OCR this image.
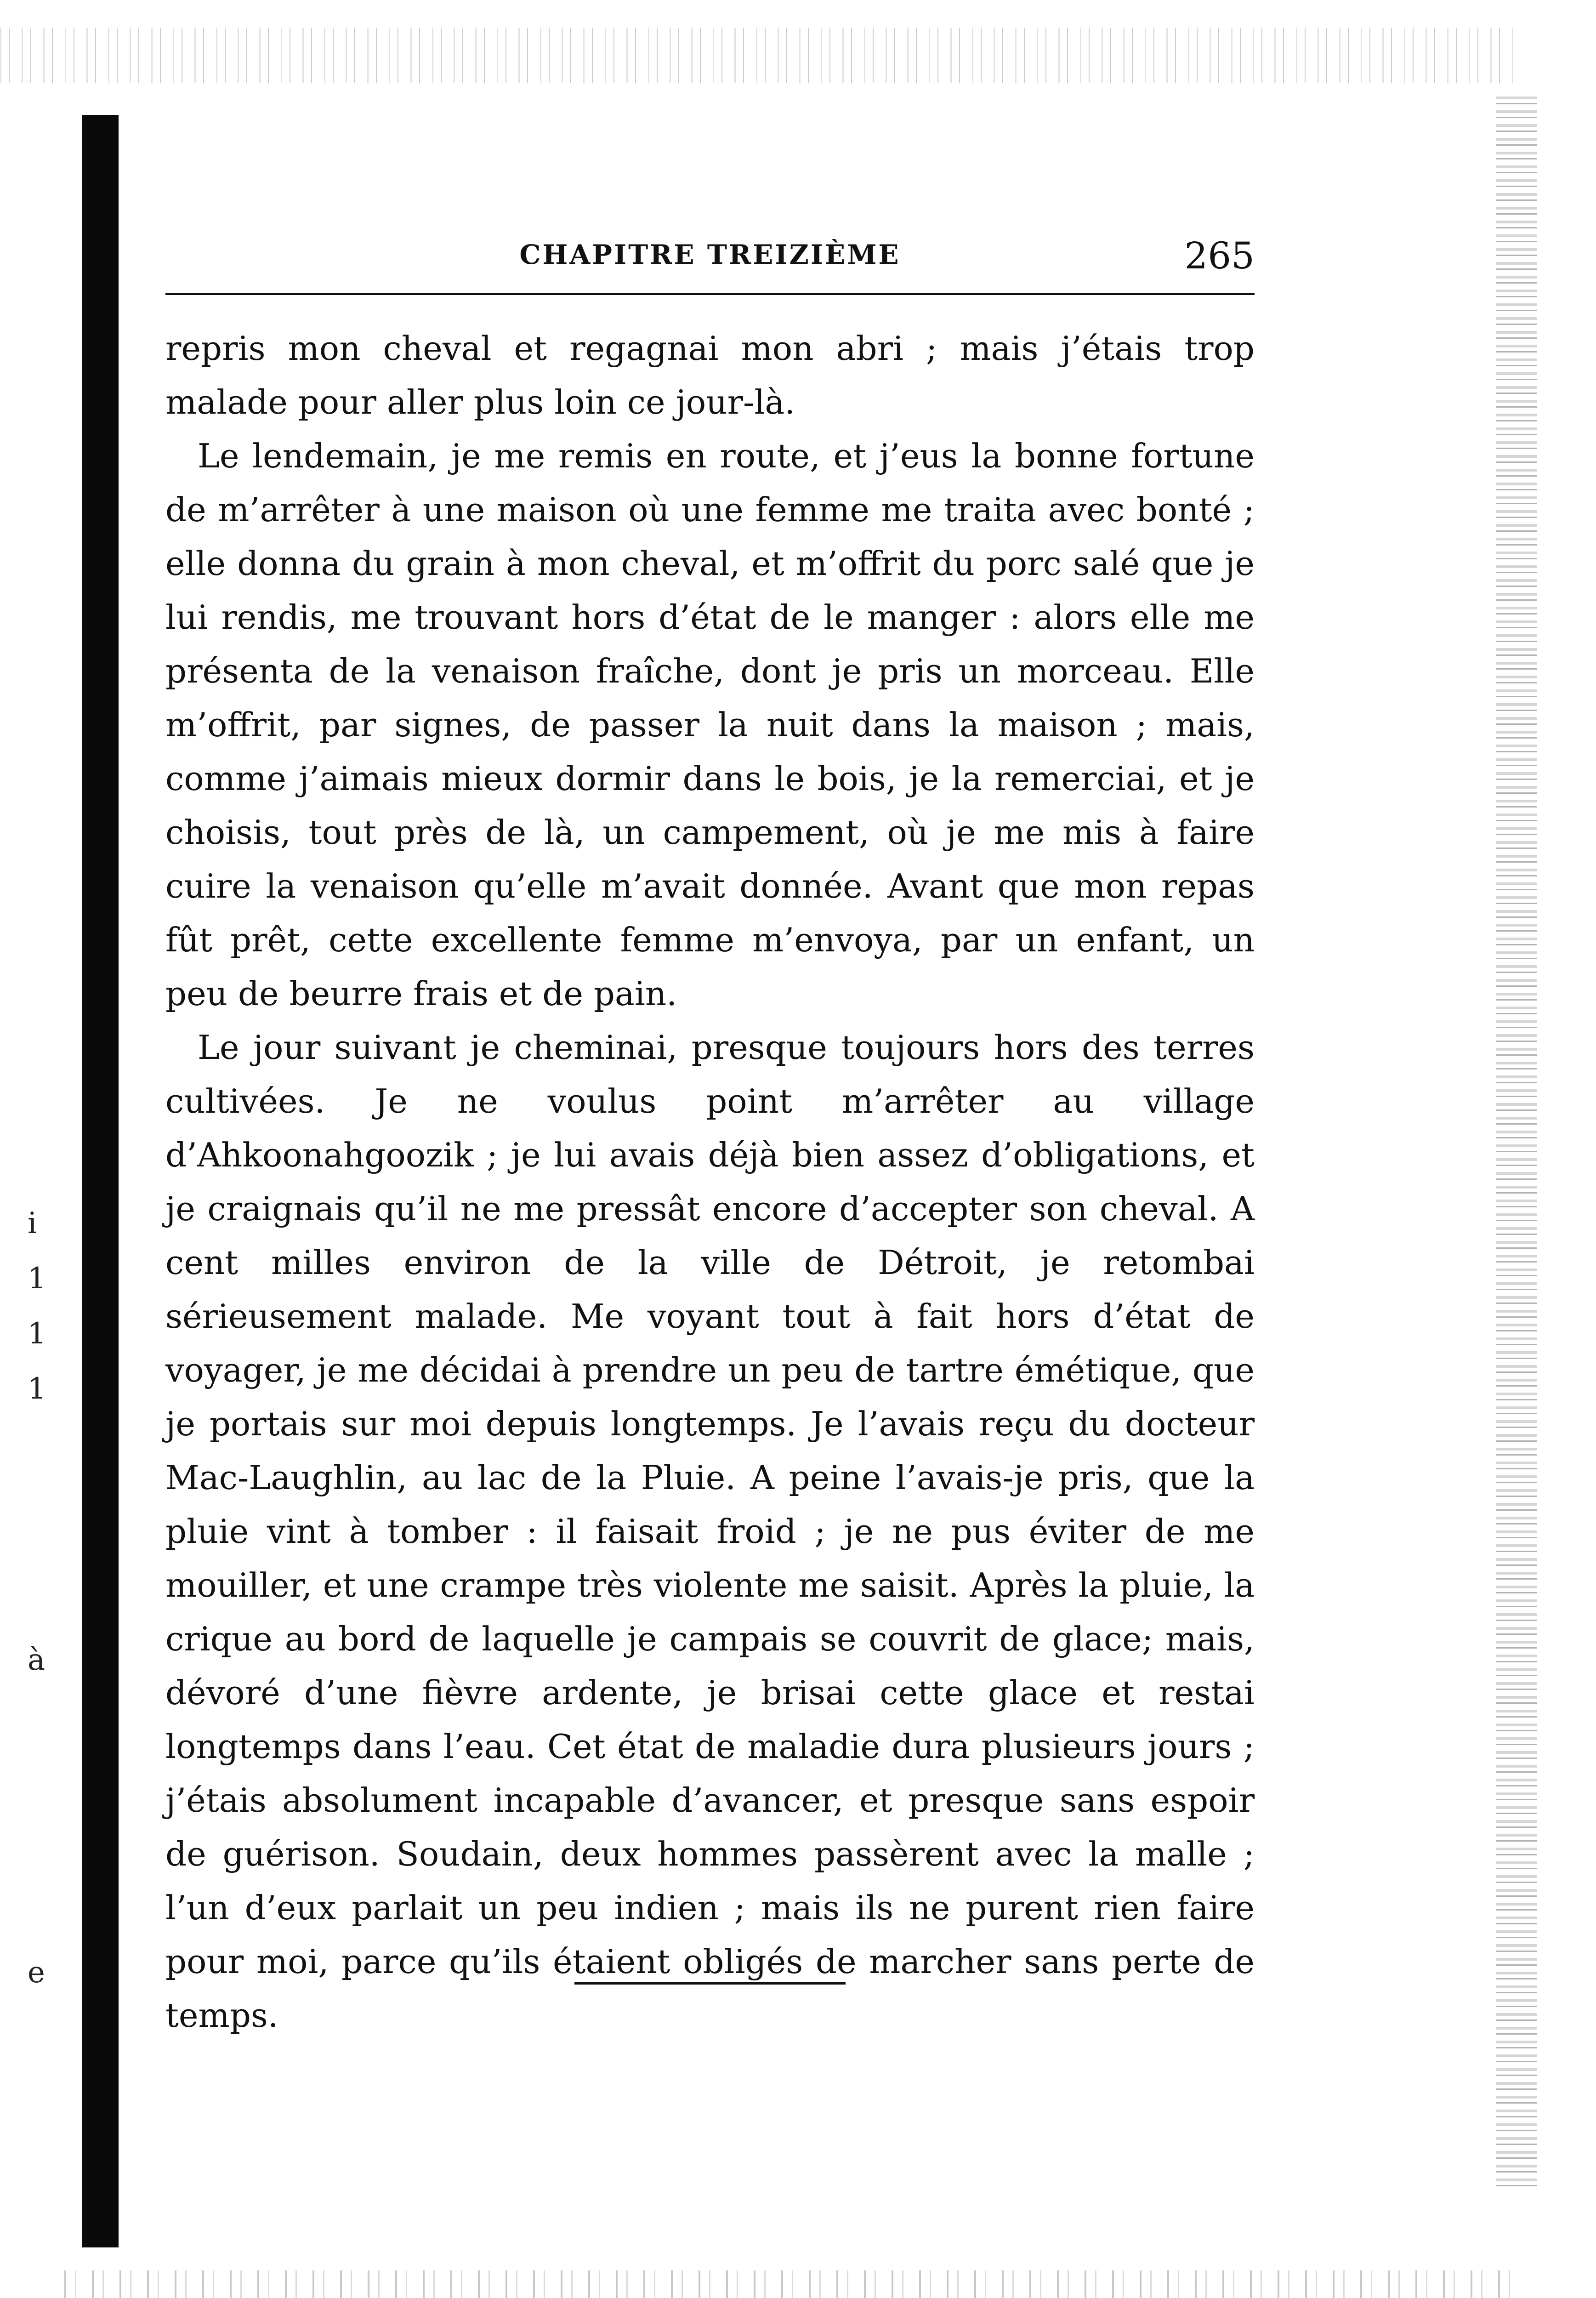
i
1
1
1
à
e
CHAPITRE TREIZIÈME	265

repris mon cheval et regagnai mon abri ; mais j’étais trop malade pour aller plus loin ce jour-là.

Le lendemain, je me remis en route, et j’eus la bonne fortune de m’arrêter à une maison où une femme me traita avec bonté ; elle donna du grain à mon cheval, et m’offrit du porc salé que je lui rendis, me trouvant hors d’état de le manger : alors elle me présenta de la venaison fraîche, dont je pris un morceau. Elle m’offrit, par signes, de passer la nuit dans la maison ; mais, comme j’aimais mieux dormir dans le bois, je la remerciai, et je choisis, tout près de là, un campement, où je me mis à faire cuire la venaison qu’elle m’avait donnée. Avant que mon repas fût prêt, cette excellente femme m’envoya, par un enfant, un peu de beurre frais et de pain.

Le jour suivant je cheminai, presque toujours hors des terres cultivées. Je ne voulus point m’arrêter au village d’Ahkoonahgoozik ; je lui avais déjà bien assez d’obligations, et je craignais qu’il ne me pressât encore d’accepter son cheval. A cent milles environ de la ville de Détroit, je retombai sérieusement malade. Me voyant tout à fait hors d’état de voyager, je me décidai à prendre un peu de tartre émétique, que je portais sur moi depuis longtemps. Je l’avais reçu du docteur Mac-Laughlin, au lac de la Pluie. A peine l’avais-je pris, que la pluie vint à tomber : il faisait froid ; je ne pus éviter de me mouiller, et une crampe très violente me saisit. Après la pluie, la crique au bord de laquelle je campais se couvrit de glace; mais, dévoré d’une fièvre ardente, je brisai cette glace et restai longtemps dans l’eau. Cet état de maladie dura plusieurs jours ; j’étais absolument incapable d’avancer, et presque sans espoir de guérison. Soudain, deux hommes passèrent avec la malle ; l’un d’eux parlait un peu indien ; mais ils ne purent rien faire pour moi, parce qu’ils étaient obligés de marcher sans perte de temps.
